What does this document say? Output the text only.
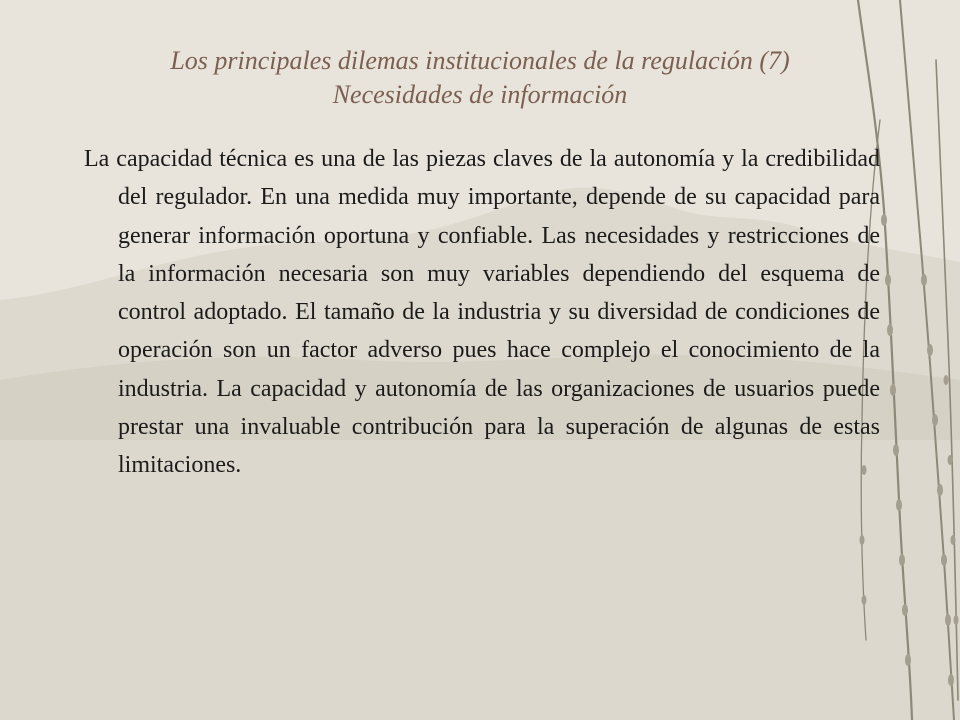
Los principales dilemas institucionales de la regulación (7)
Necesidades de información

La capacidad técnica es una de las piezas claves de la autonomía y la credibilidad del regulador. En una medida muy importante, depende de su capacidad para generar información oportuna y confiable. Las necesidades y restricciones de la información necesaria son muy variables dependiendo del esquema de control adoptado. El tamaño de la industria y su diversidad de condiciones de operación son un factor adverso pues hace complejo el conocimiento de la industria. La capacidad y autonomía de las organizaciones de usuarios puede prestar una invaluable contribución para la superación de algunas de estas limitaciones.
